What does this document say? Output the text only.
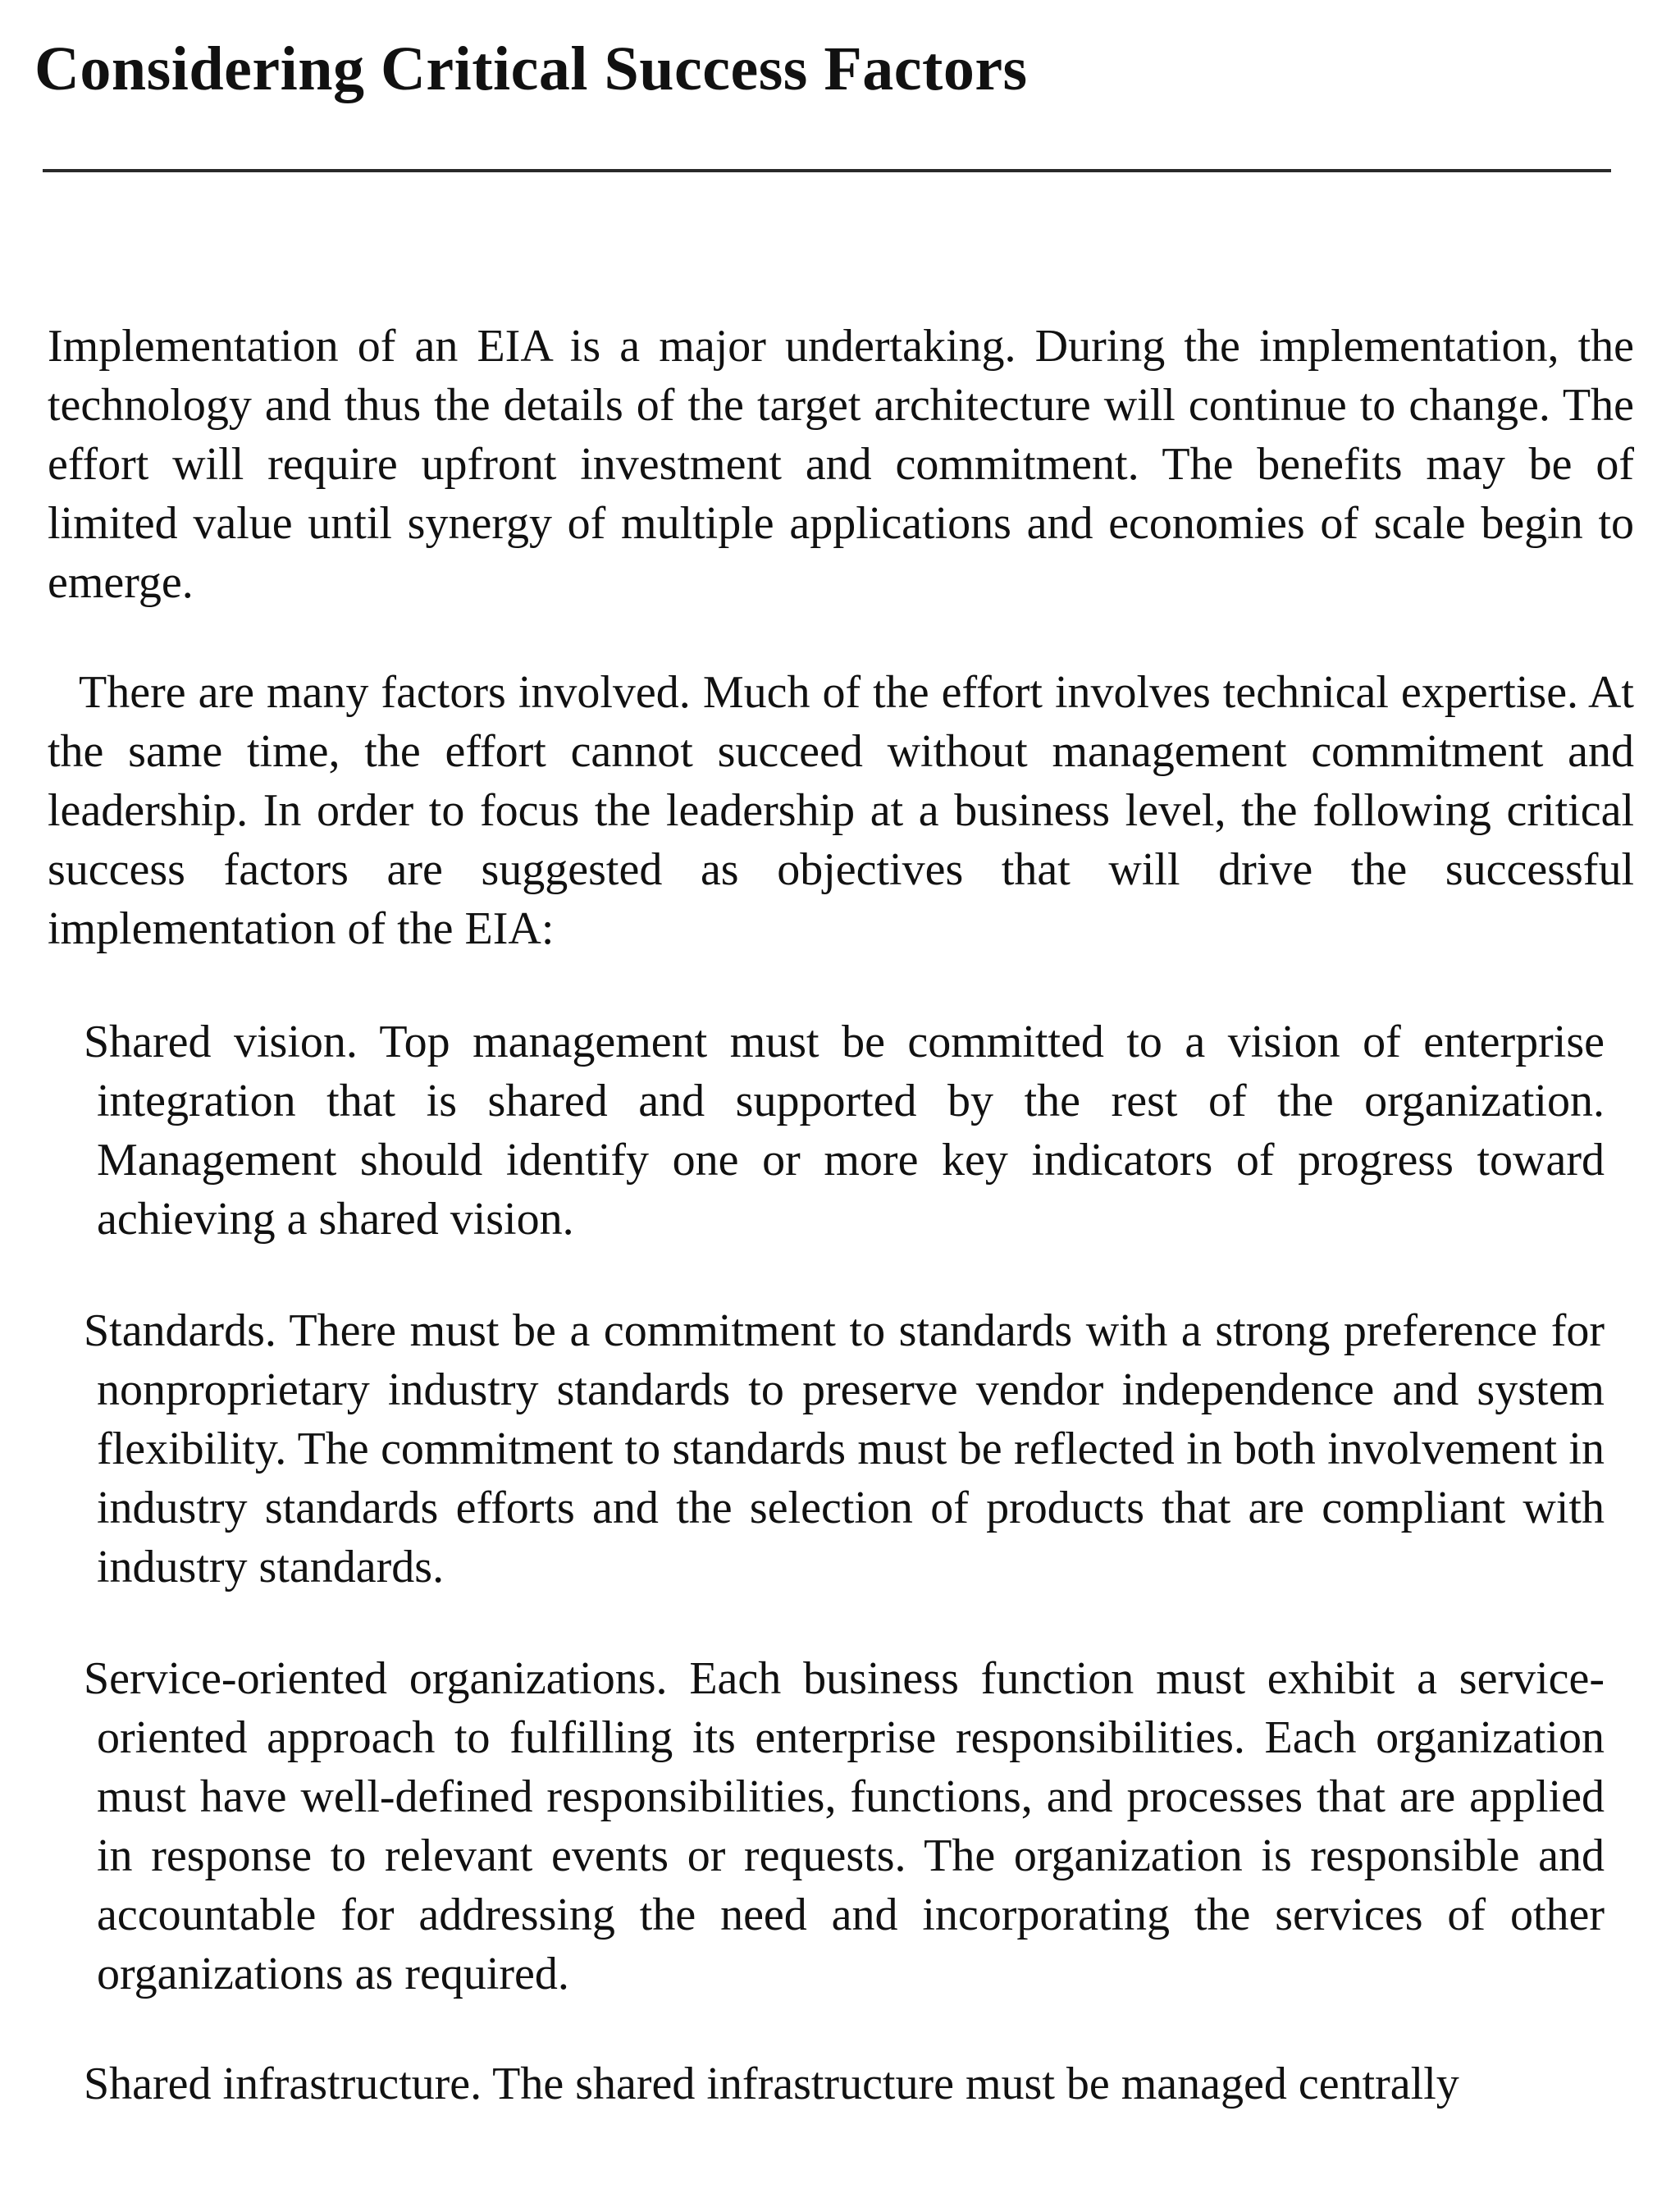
Considering Critical Success Factors

Implementation of an EIA is a major undertaking. During the implementation, the technology and thus the details of the target architecture will continue to change. The effort will require upfront investment and commitment. The benefits may be of limited value until synergy of multiple applications and economies of scale begin to emerge.

There are many factors involved. Much of the effort involves technical expertise. At the same time, the effort cannot succeed without management commitment and leadership. In order to focus the leadership at a business level, the following critical success factors are suggested as objectives that will drive the successful implementation of the EIA:

Shared vision. Top management must be committed to a vision of enterprise integration that is shared and supported by the rest of the organization. Management should identify one or more key indicators of progress toward achieving a shared vision.

Standards. There must be a commitment to standards with a strong preference for nonproprietary industry standards to preserve vendor independence and system flexibility. The commitment to standards must be reflected in both involvement in industry standards efforts and the selection of products that are compliant with industry standards.

Service-oriented organizations. Each business function must exhibit a service-oriented approach to fulfilling its enterprise responsibilities. Each organization must have well-defined responsibilities, functions, and processes that are applied in response to relevant events or requests. The organization is responsible and accountable for addressing the need and incorporating the services of other organizations as required.

Shared infrastructure. The shared infrastructure must be managed centrally
